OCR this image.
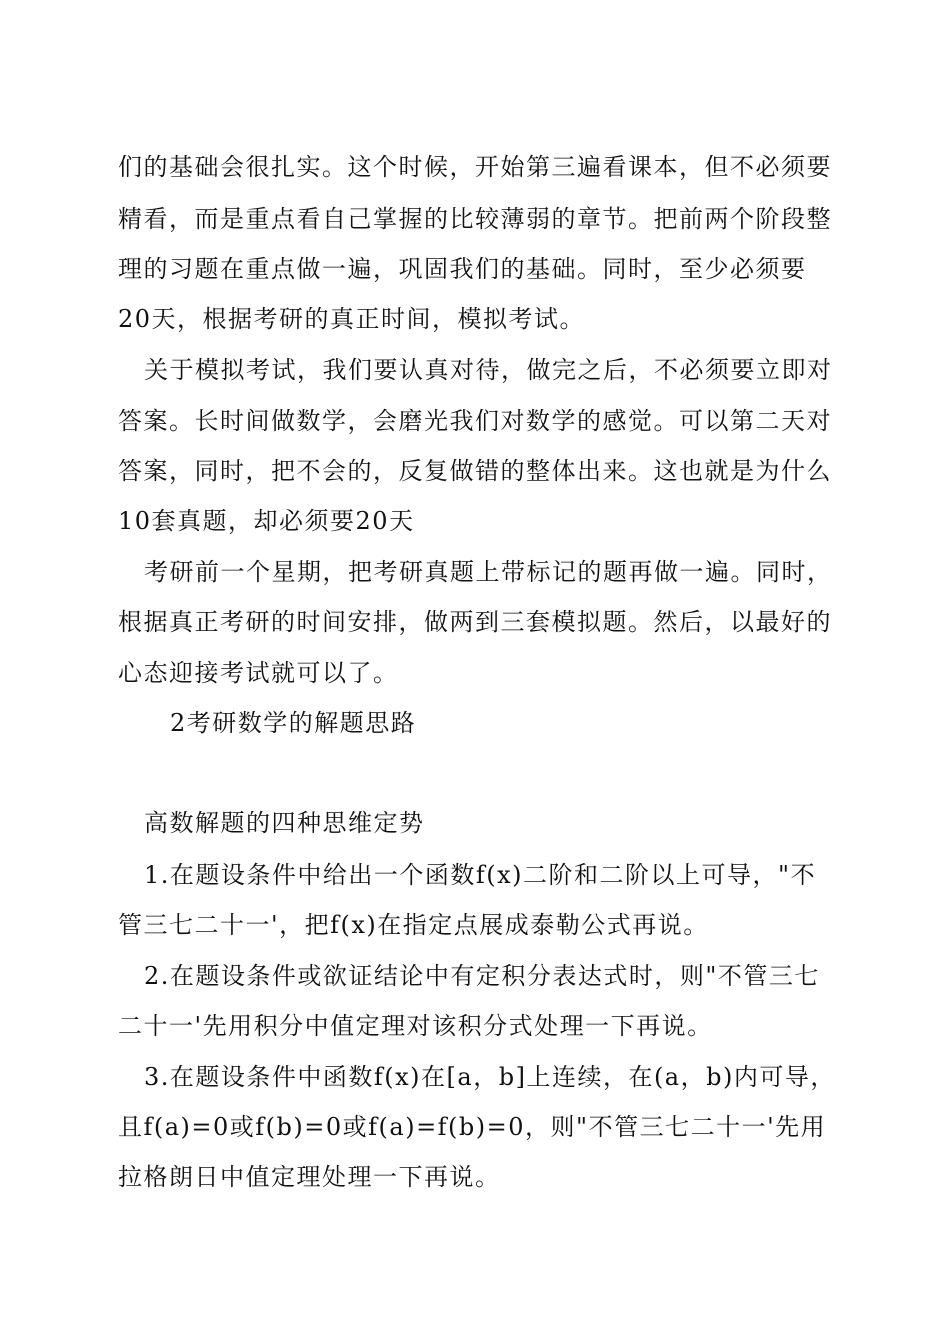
们的基础会很扎实。这个时候，开始第三遍看课本，但不必须要
精看，而是重点看自己掌握的比较薄弱的章节。把前两个阶段整
理的习题在重点做一遍，巩固我们的基础。同时，至少必须要
20天，根据考研的真正时间，模拟考试。
关于模拟考试，我们要认真对待，做完之后，不必须要立即对
答案。长时间做数学，会磨光我们对数学的感觉。可以第二天对
答案，同时，把不会的，反复做错的整体出来。这也就是为什么
10套真题，却必须要20天
考研前一个星期，把考研真题上带标记的题再做一遍。同时，
根据真正考研的时间安排，做两到三套模拟题。然后，以最好的
心态迎接考试就可以了。
2考研数学的解题思路
高数解题的四种思维定势
1.在题设条件中给出一个函数f(x)二阶和二阶以上可导，"不
管三七二十一'，把f(x)在指定点展成泰勒公式再说。
2.在题设条件或欲证结论中有定积分表达式时，则"不管三七
二十一'先用积分中值定理对该积分式处理一下再说。
3.在题设条件中函数f(x)在[a，b]上连续，在(a，b)内可导，
且f(a)=0或f(b)=0或f(a)=f(b)=0，则"不管三七二十一'先用
拉格朗日中值定理处理一下再说。
